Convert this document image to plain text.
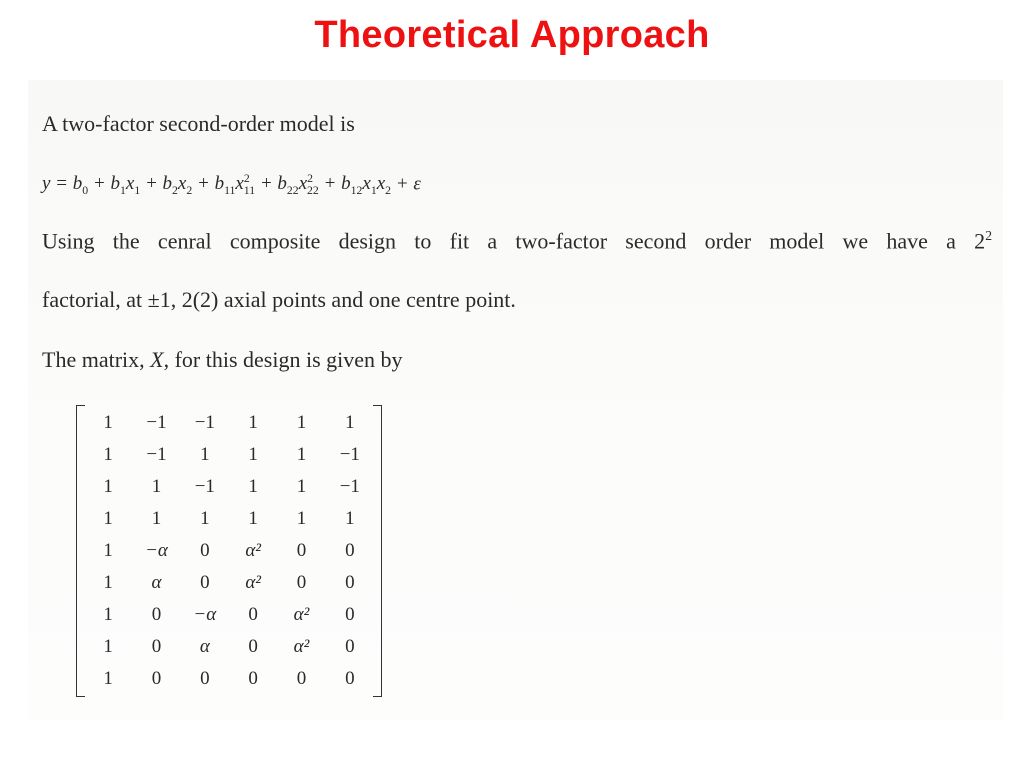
Theoretical Approach
A two-factor second-order model is
$y = b_0 + b_1x_1 + b_2x_2 + b_{11}x^2_{11} + b_{22}x^2_{22} + b_{12}x_1x_2 + \varepsilon$
Using the cenral composite design to fit a two-factor second order model we have a $2^2$
factorial, at ±1, 2(2) axial points and one centre point.
The matrix, X, for this design is given by
1	−1	−1	1	1	1
1	−1	1	1	1	−1
1	1	−1	1	1	−1
1	1	1	1	1	1
1	−α	0	α²	0	0
1	α	0	α²	0	0
1	0	−α	0	α²	0
1	0	α	0	α²	0
1	0	0	0	0	0
